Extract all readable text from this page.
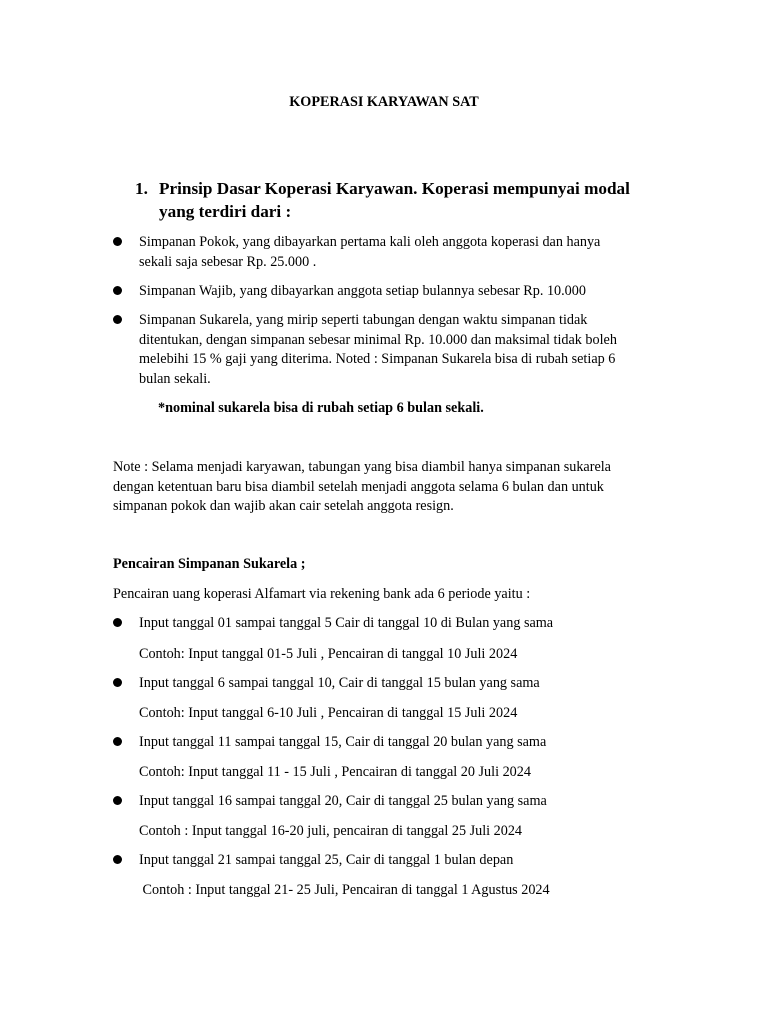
KOPERASI KARYAWAN SAT
1. Prinsip Dasar Koperasi Karyawan. Koperasi mempunyai modal
yang terdiri dari :
Simpanan Pokok, yang dibayarkan pertama kali oleh anggota koperasi dan hanya
sekali saja sebesar Rp. 25.000 .
Simpanan Wajib, yang dibayarkan anggota setiap bulannya sebesar Rp. 10.000
Simpanan Sukarela, yang mirip seperti tabungan dengan waktu simpanan tidak
ditentukan, dengan simpanan sebesar minimal Rp. 10.000 dan maksimal tidak boleh
melebihi 15 % gaji yang diterima. Noted : Simpanan Sukarela bisa di rubah setiap 6
bulan sekali.
*nominal sukarela bisa di rubah setiap 6 bulan sekali.
Note : Selama menjadi karyawan, tabungan yang bisa diambil hanya simpanan sukarela
dengan ketentuan baru bisa diambil setelah menjadi anggota selama 6 bulan dan untuk
simpanan pokok dan wajib akan cair setelah anggota resign.
Pencairan Simpanan Sukarela ;
Pencairan uang koperasi Alfamart via rekening bank ada 6 periode yaitu :
Input tanggal 01 sampai tanggal 5 Cair di tanggal 10 di Bulan yang sama
Contoh: Input tanggal 01-5 Juli , Pencairan di tanggal 10 Juli 2024
Input tanggal 6 sampai tanggal 10, Cair di tanggal 15 bulan yang sama
Contoh: Input tanggal 6-10 Juli , Pencairan di tanggal 15 Juli 2024
Input tanggal 11 sampai tanggal 15, Cair di tanggal 20 bulan yang sama
Contoh: Input tanggal 11 - 15 Juli , Pencairan di tanggal 20 Juli 2024
Input tanggal 16 sampai tanggal 20, Cair di tanggal 25 bulan yang sama
Contoh : Input tanggal 16-20 juli, pencairan di tanggal 25 Juli 2024
Input tanggal 21 sampai tanggal 25, Cair di tanggal 1 bulan depan
Contoh : Input tanggal 21- 25 Juli, Pencairan di tanggal 1 Agustus 2024
